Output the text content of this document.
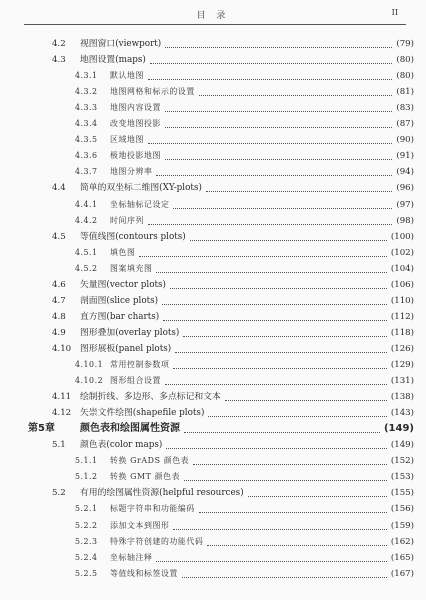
目 录	II
4.2 视图窗口(viewport)	(79)
4.3 地图设置(maps)	(80)
4.3.1 默认地图	(80)
4.3.2 地图网格和标示的设置	(81)
4.3.3 地图内容设置	(83)
4.3.4 改变地图投影	(87)
4.3.5 区域地图	(90)
4.3.6 极地投影地图	(91)
4.3.7 地图分辨率	(94)
4.4 简单的双坐标二维图(XY-plots)	(96)
4.4.1 坐标轴标记设定	(97)
4.4.2 时间序列	(98)
4.5 等值线图(contours plots)	(100)
4.5.1 填色图	(102)
4.5.2 图案填充图	(104)
4.6 矢量图(vector plots)	(106)
4.7 剖面图(slice plots)	(110)
4.8 直方图(bar charts)	(112)
4.9 图形叠加(overlay plots)	(118)
4.10 图形展板(panel plots)	(126)
4.10.1 常用控制参数项	(129)
4.10.2 图形组合设置	(131)
4.11 绘制折线、多边形、多点标记和文本	(138)
4.12 矢崇文件绘图(shapefile plots)	(143)
第5章	颜色表和绘图属性资源	(149)
5.1 颜色表(color maps)	(149)
5.1.1 转换 GrADS 颜色表	(152)
5.1.2 转换 GMT 颜色表	(153)
5.2 有用的绘图属性资源(helpful resources)	(155)
5.2.1 标题字符串和功能编码	(156)
5.2.2 添加文本到图形	(159)
5.2.3 特殊字符创建的功能代码	(162)
5.2.4 坐标轴注释	(165)
5.2.5 等值线和标签设置	(167)
